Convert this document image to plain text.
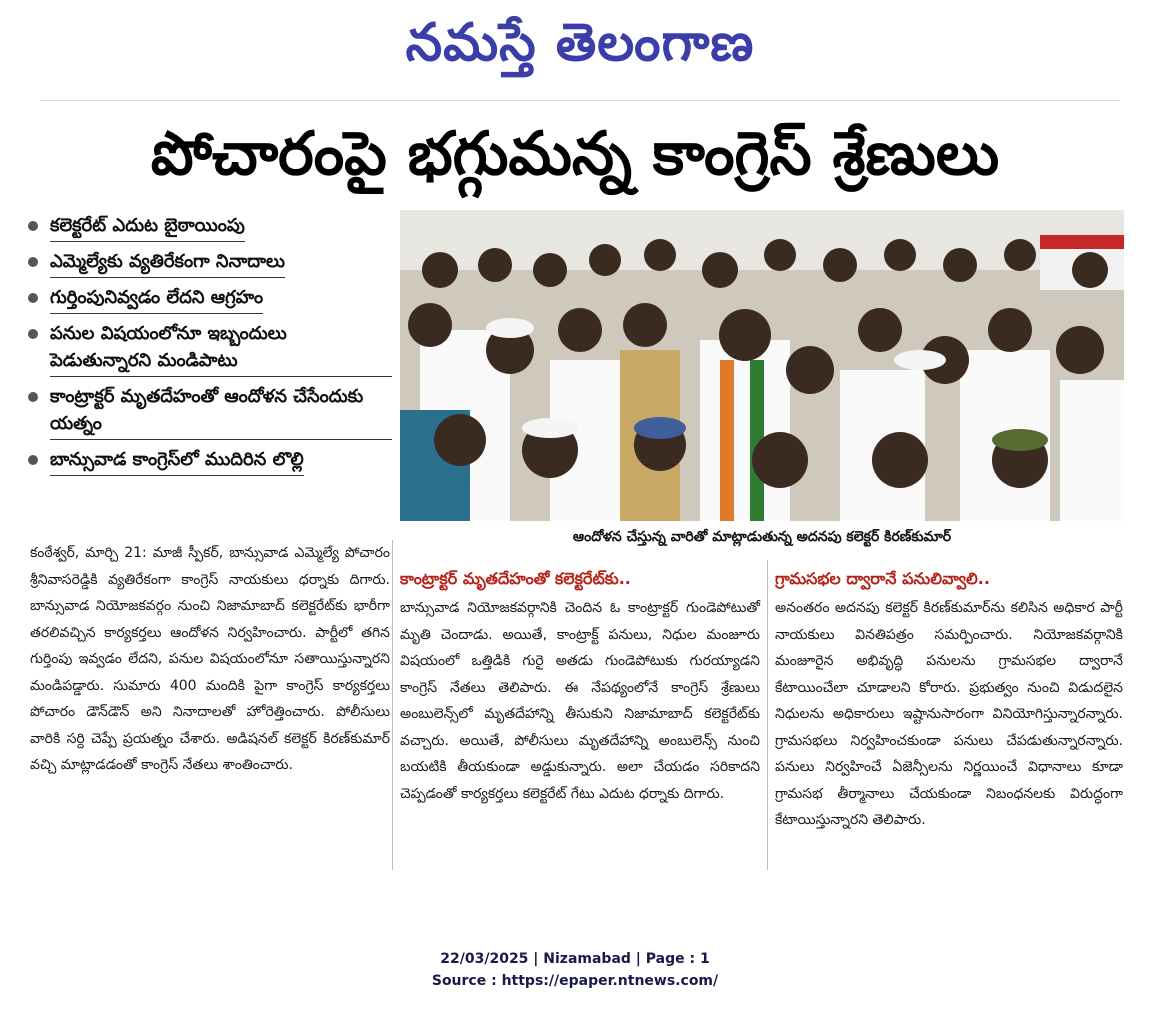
నమస్తే తెలంగాణ
పోచారంపై భగ్గుమన్న కాంగ్రెస్ శ్రేణులు
కలెక్టరేట్ ఎదుట బైఠాయింపు
ఎమ్మెల్యేకు వ్యతిరేకంగా నినాదాలు
గుర్తింపునివ్వడం లేదని ఆగ్రహం
పనుల విషయంలోనూ ఇబ్బందులు పెడుతున్నారని మండిపాటు
కాంట్రాక్టర్ మృతదేహంతో ఆందోళన చేసేందుకు యత్నం
బాన్సువాడ కాంగ్రెస్‌లో ముదిరిన లొల్లి
ఆందోళన చేస్తున్న వారితో మాట్లాడుతున్న అదనపు కలెక్టర్ కిరణ్‌కుమార్
కంఠేశ్వర్, మార్చి 21: మాజీ స్పీకర్, బాన్సువాడ ఎమ్మెల్యే పోచారం శ్రీనివాసరెడ్డికి వ్యతిరేకంగా కాంగ్రెస్ నాయకులు ధర్నాకు దిగారు. బాన్సువాడ నియోజకవర్గం నుంచి నిజామాబాద్ కలెక్టరేట్‌కు భారీగా తరలివచ్చిన కార్యకర్తలు ఆందోళన నిర్వహించారు. పార్టీలో తగిన గుర్తింపు ఇవ్వడం లేదని, పనుల విషయంలోనూ సతాయిస్తున్నారని మండిపడ్డారు. సుమారు 400 మందికి పైగా కాంగ్రెస్ కార్యకర్తలు పోచారం డౌన్‌డౌన్ అని నినాదాలతో హోరెత్తించారు. పోలీసులు వారికి సర్ది చెప్పే ప్రయత్నం చేశారు. అడిషనల్ కలెక్టర్ కిరణ్‌కుమార్ వచ్చి మాట్లాడడంతో కాంగ్రెస్ నేతలు శాంతించారు.
కాంట్రాక్టర్ మృతదేహంతో కలెక్టరేట్‌కు..
బాన్సువాడ నియోజకవర్గానికి చెందిన ఓ కాంట్రాక్టర్ గుండెపోటుతో మృతి చెందాడు. అయితే, కాంట్రాక్ట్ పనులు, నిధుల మంజూరు విషయంలో ఒత్తిడికి గురై అతడు గుండెపోటుకు గురయ్యాడని కాంగ్రెస్ నేతలు తెలిపారు. ఈ నేపథ్యంలోనే కాంగ్రెస్ శ్రేణులు అంబులెన్స్‌లో మృతదేహాన్ని తీసుకుని నిజామాబాద్ కలెక్టరేట్‌కు వచ్చారు. అయితే, పోలీసులు మృతదేహాన్ని అంబులెన్స్ నుంచి బయటికి తీయకుండా అడ్డుకున్నారు. అలా చేయడం సరికాదని చెప్పడంతో కార్యకర్తలు కలెక్టరేట్ గేటు ఎదుట ధర్నాకు దిగారు.
గ్రామసభల ద్వారానే పనులివ్వాలి..
అనంతరం అదనపు కలెక్టర్ కిరణ్‌కుమార్‌ను కలిసిన అధికార పార్టీ నాయకులు వినతిపత్రం సమర్పించారు. నియోజకవర్గానికి మంజూరైన అభివృద్ధి పనులను గ్రామసభల ద్వారానే కేటాయించేలా చూడాలని కోరారు. ప్రభుత్వం నుంచి విడుదలైన నిధులను అధికారులు ఇష్టానుసారంగా వినియోగిస్తున్నారన్నారు. గ్రామసభలు నిర్వహించకుండా పనులు చేపడుతున్నారన్నారు. పనులు నిర్వహించే ఏజెన్సీలను నిర్ణయించే విధానాలు కూడా గ్రామసభ తీర్మానాలు చేయకుండా నిబంధనలకు విరుద్ధంగా కేటాయిస్తున్నారని తెలిపారు.
22/03/2025 | Nizamabad | Page : 1
Source : https://epaper.ntnews.com/
